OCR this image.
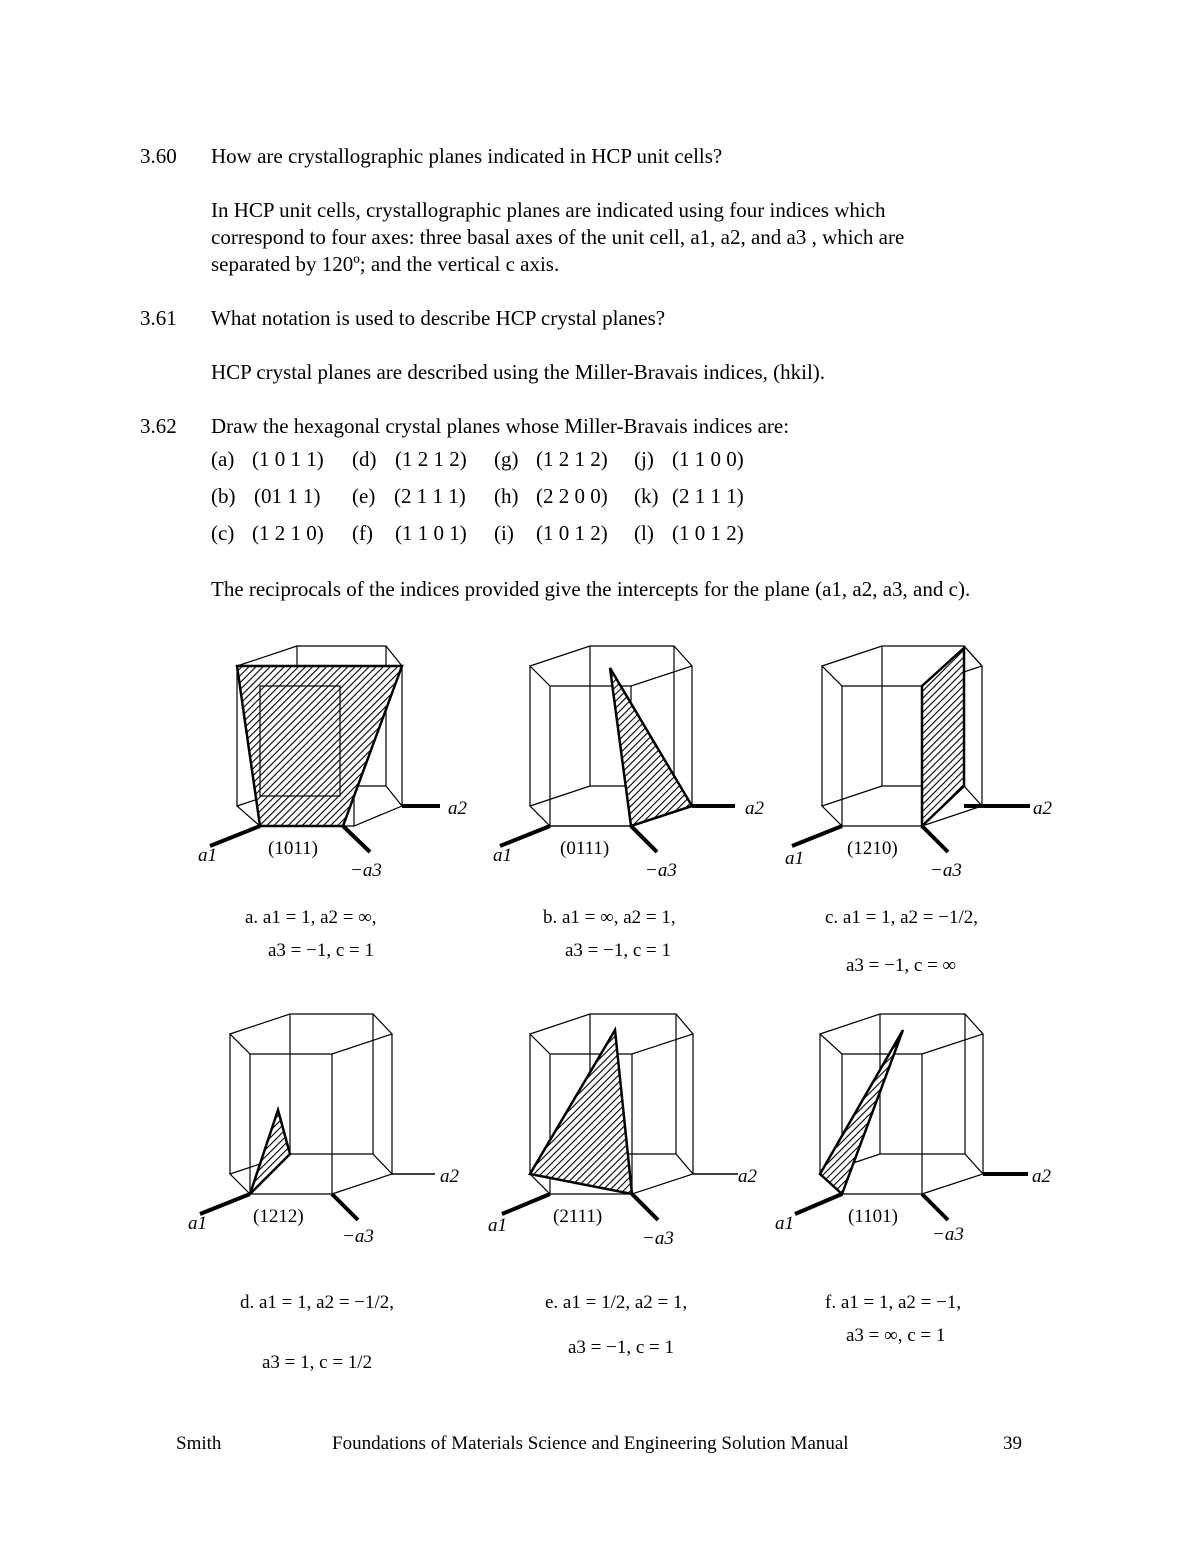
3.60 How are crystallographic planes indicated in HCP unit cells?
In HCP unit cells, crystallographic planes are indicated using four indices which
correspond to four axes: three basal axes of the unit cell, a1, a2, and a3 , which are
separated by 120º; and the vertical c axis.
3.61 What notation is used to describe HCP crystal planes?
HCP crystal planes are described using the Miller-Bravais indices, (hkil).
3.62 Draw the hexagonal crystal planes whose Miller-Bravais indices are:
(a) (1 0 1 1) (d) (1 2 1 2) (g) (1 2 1 2) (j) (1 1 0 0)
(b) (01 1 1) (e) (2 1 1 1) (h) (2 2 0 0) (k) (2 1 1 1)
(c) (1 2 1 0) (f) (1 1 0 1) (i) (1 0 1 2) (l) (1 0 1 2)
The reciprocals of the indices provided give the intercepts for the plane (a1, a2, a3, and c).
a1
a2
−a3
(1011)
a. a1 = 1, a2 = ∞,
a3 = −1, c = 1
a1
a2
−a3
(0111)
b. a1 = ∞, a2 = 1,
a3 = −1, c = 1
a1
a2
−a3
(1210)
c. a1 = 1, a2 = −1/2,
a3 = −1, c = ∞
a1
a2
−a3
(1212)
d. a1 = 1, a2 = −1/2,
a3 = 1, c = 1/2
a1
a2
−a3
(2111)
e. a1 = 1/2, a2 = 1,
a3 = −1, c = 1
a1
a2
−a3
(1101)
f. a1 = 1, a2 = −1,
a3 = ∞, c = 1
Smith	Foundations of Materials Science and Engineering Solution Manual	39
